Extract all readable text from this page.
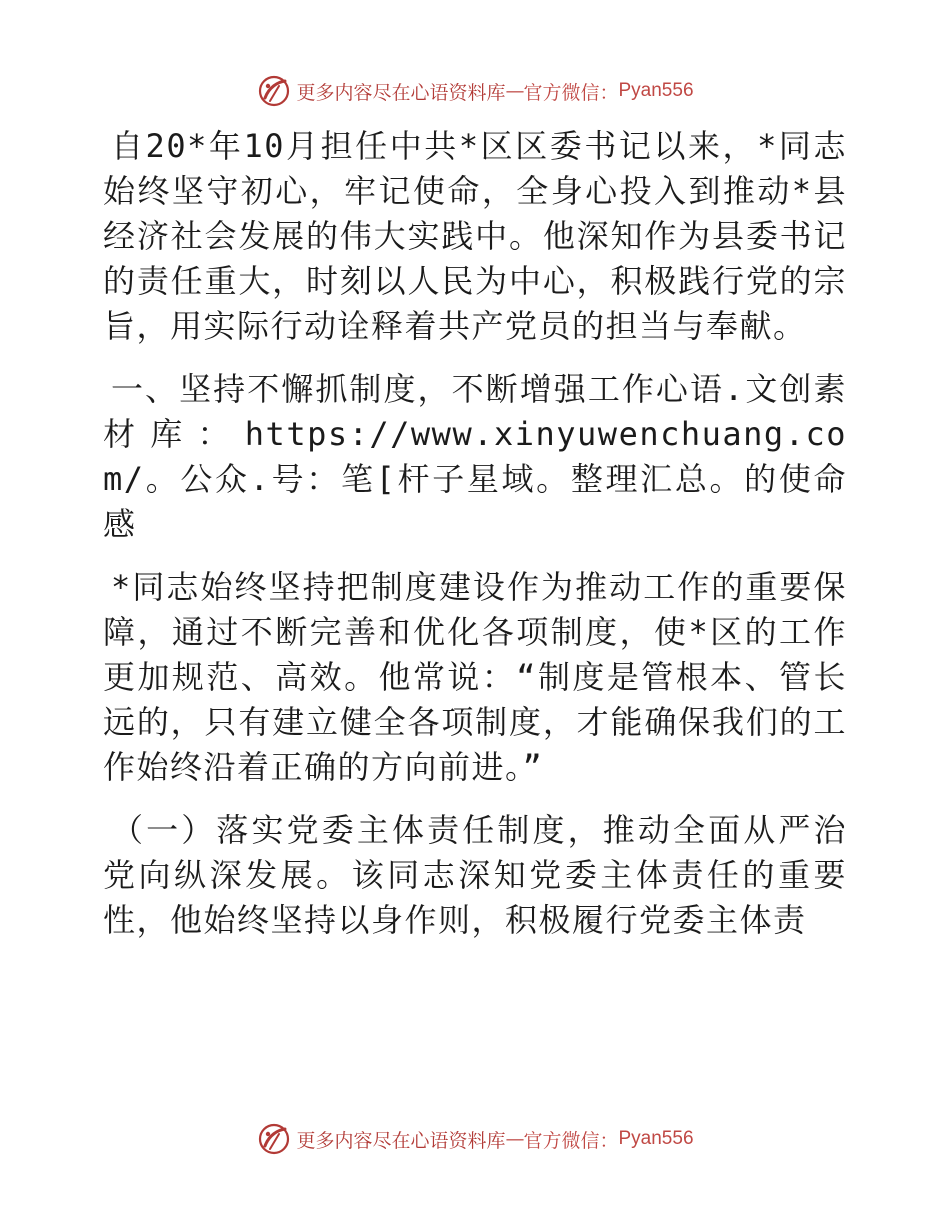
更多内容尽在心语资料库 — 官方微信： Pyan556

自20*年10月担任中共*区区委书记以来，*同志始终坚守初心，牢记使命，全身心投入到推动*县经济社会发展的伟大实践中。他深知作为县委书记的责任重大，时刻以人民为中心，积极践行党的宗旨，用实际行动诠释着共产党员的担当与奉献。

一、坚持不懈抓制度，不断增强工作心语.文创素材库：https://www.xinyuwenchuang.com/。公众.号：笔[杆子星域。整理汇总。的使命感

*同志始终坚持把制度建设作为推动工作的重要保障，通过不断完善和优化各项制度，使*区的工作更加规范、高效。他常说：“制度是管根本、管长远的，只有建立健全各项制度，才能确保我们的工作始终沿着正确的方向前进。”

（一）落实党委主体责任制度，推动全面从严治党向纵深发展。该同志深知党委主体责任的重要性，他始终坚持以身作则，积极履行党委主体责

更多内容尽在心语资料库 — 官方微信： Pyan556
